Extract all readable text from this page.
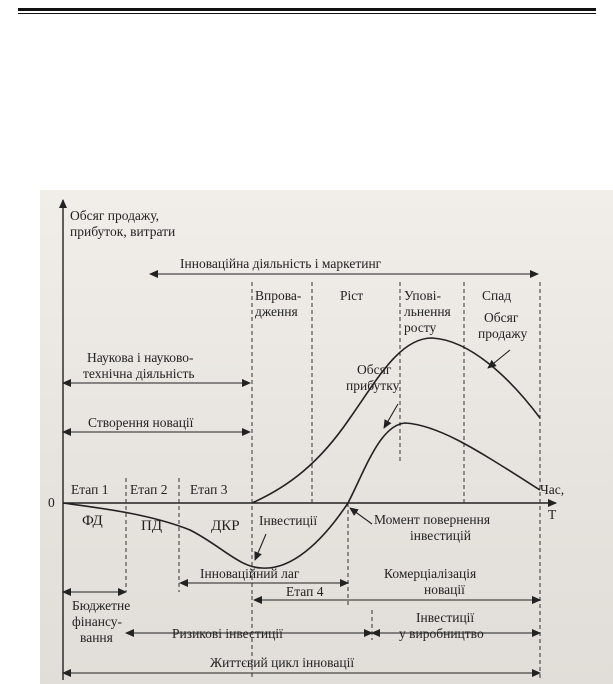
Обсяг продажу,
прибуток, витрати
0
Час,
T
Інноваційна діяльність і маркетинг
Впрова-
дження
Ріст	Упові-
льнення
росту
Спад
Обсяг
продажу
Обсяг
прибутку
Наукова і науково-
технічна діяльність
Створення новації
Етап 1 Етап 2 Етап 3
Етап 4
ФД	ПД	ДКР Інвестиції	Момент повернення
інвестицій
Інноваційний лаг	Комерціалізація
новації
Бюджетне
фінансу-
вання	Ризикові інвестиції
Інвестиції
у виробництво
Життєвий цикл інновації
